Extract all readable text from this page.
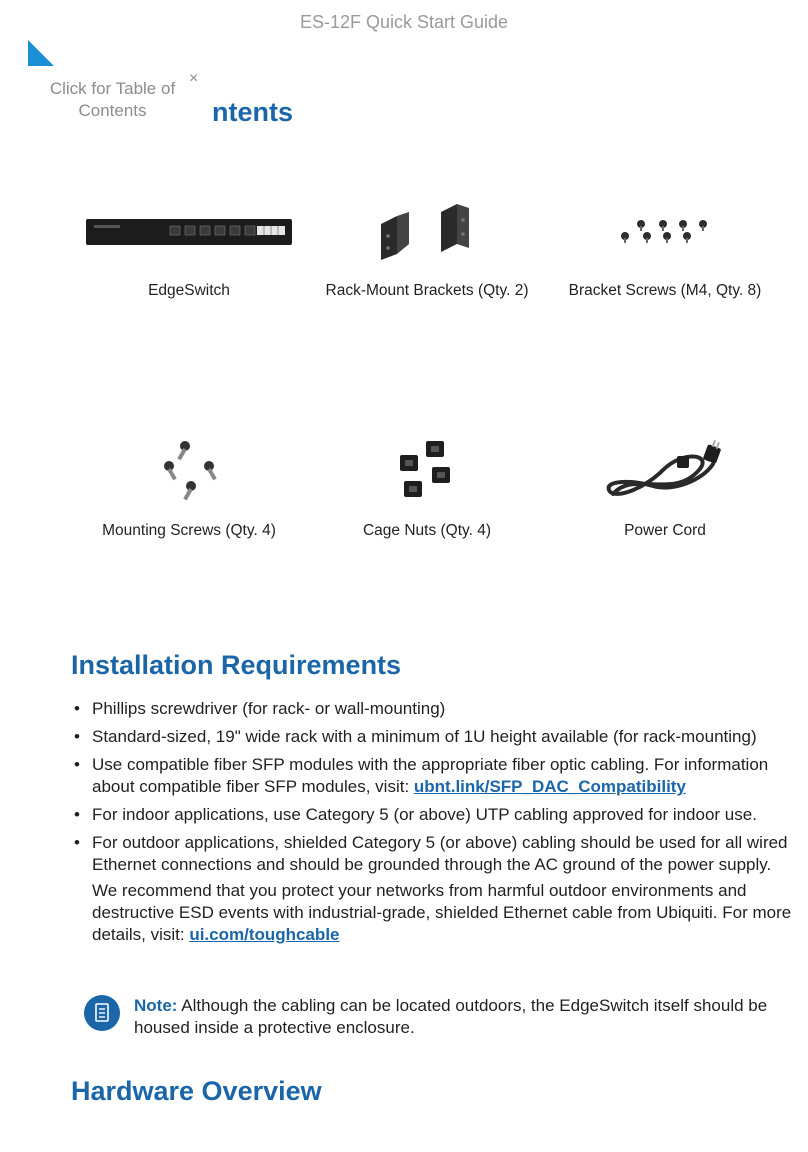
ES-12F Quick Start Guide
ntents
Click for Table of Contents
×
EdgeSwitch	Rack-Mount Brackets (Qty. 2)	Bracket Screws (M4, Qty. 8)
Mounting Screws (Qty. 4)	Cage Nuts (Qty. 4)	Power Cord
Installation Requirements
• Phillips screwdriver (for rack- or wall-mounting)
• Standard-sized, 19" wide rack with a minimum of 1U height available (for rack-mounting)
• Use compatible fiber SFP modules with the appropriate fiber optic cabling. For information about compatible fiber SFP modules, visit: ubnt.link/SFP_DAC_Compatibility
• For indoor applications, use Category 5 (or above) UTP cabling approved for indoor use.
• For outdoor applications, shielded Category 5 (or above) cabling should be used for all wired Ethernet connections and should be grounded through the AC ground of the power supply.

We recommend that you protect your networks from harmful outdoor environments and destructive ESD events with industrial-grade, shielded Ethernet cable from Ubiquiti. For more details, visit: ui.com/toughcable

Note: Although the cabling can be located outdoors, the EdgeSwitch itself should be housed inside a protective enclosure.
Hardware Overview
